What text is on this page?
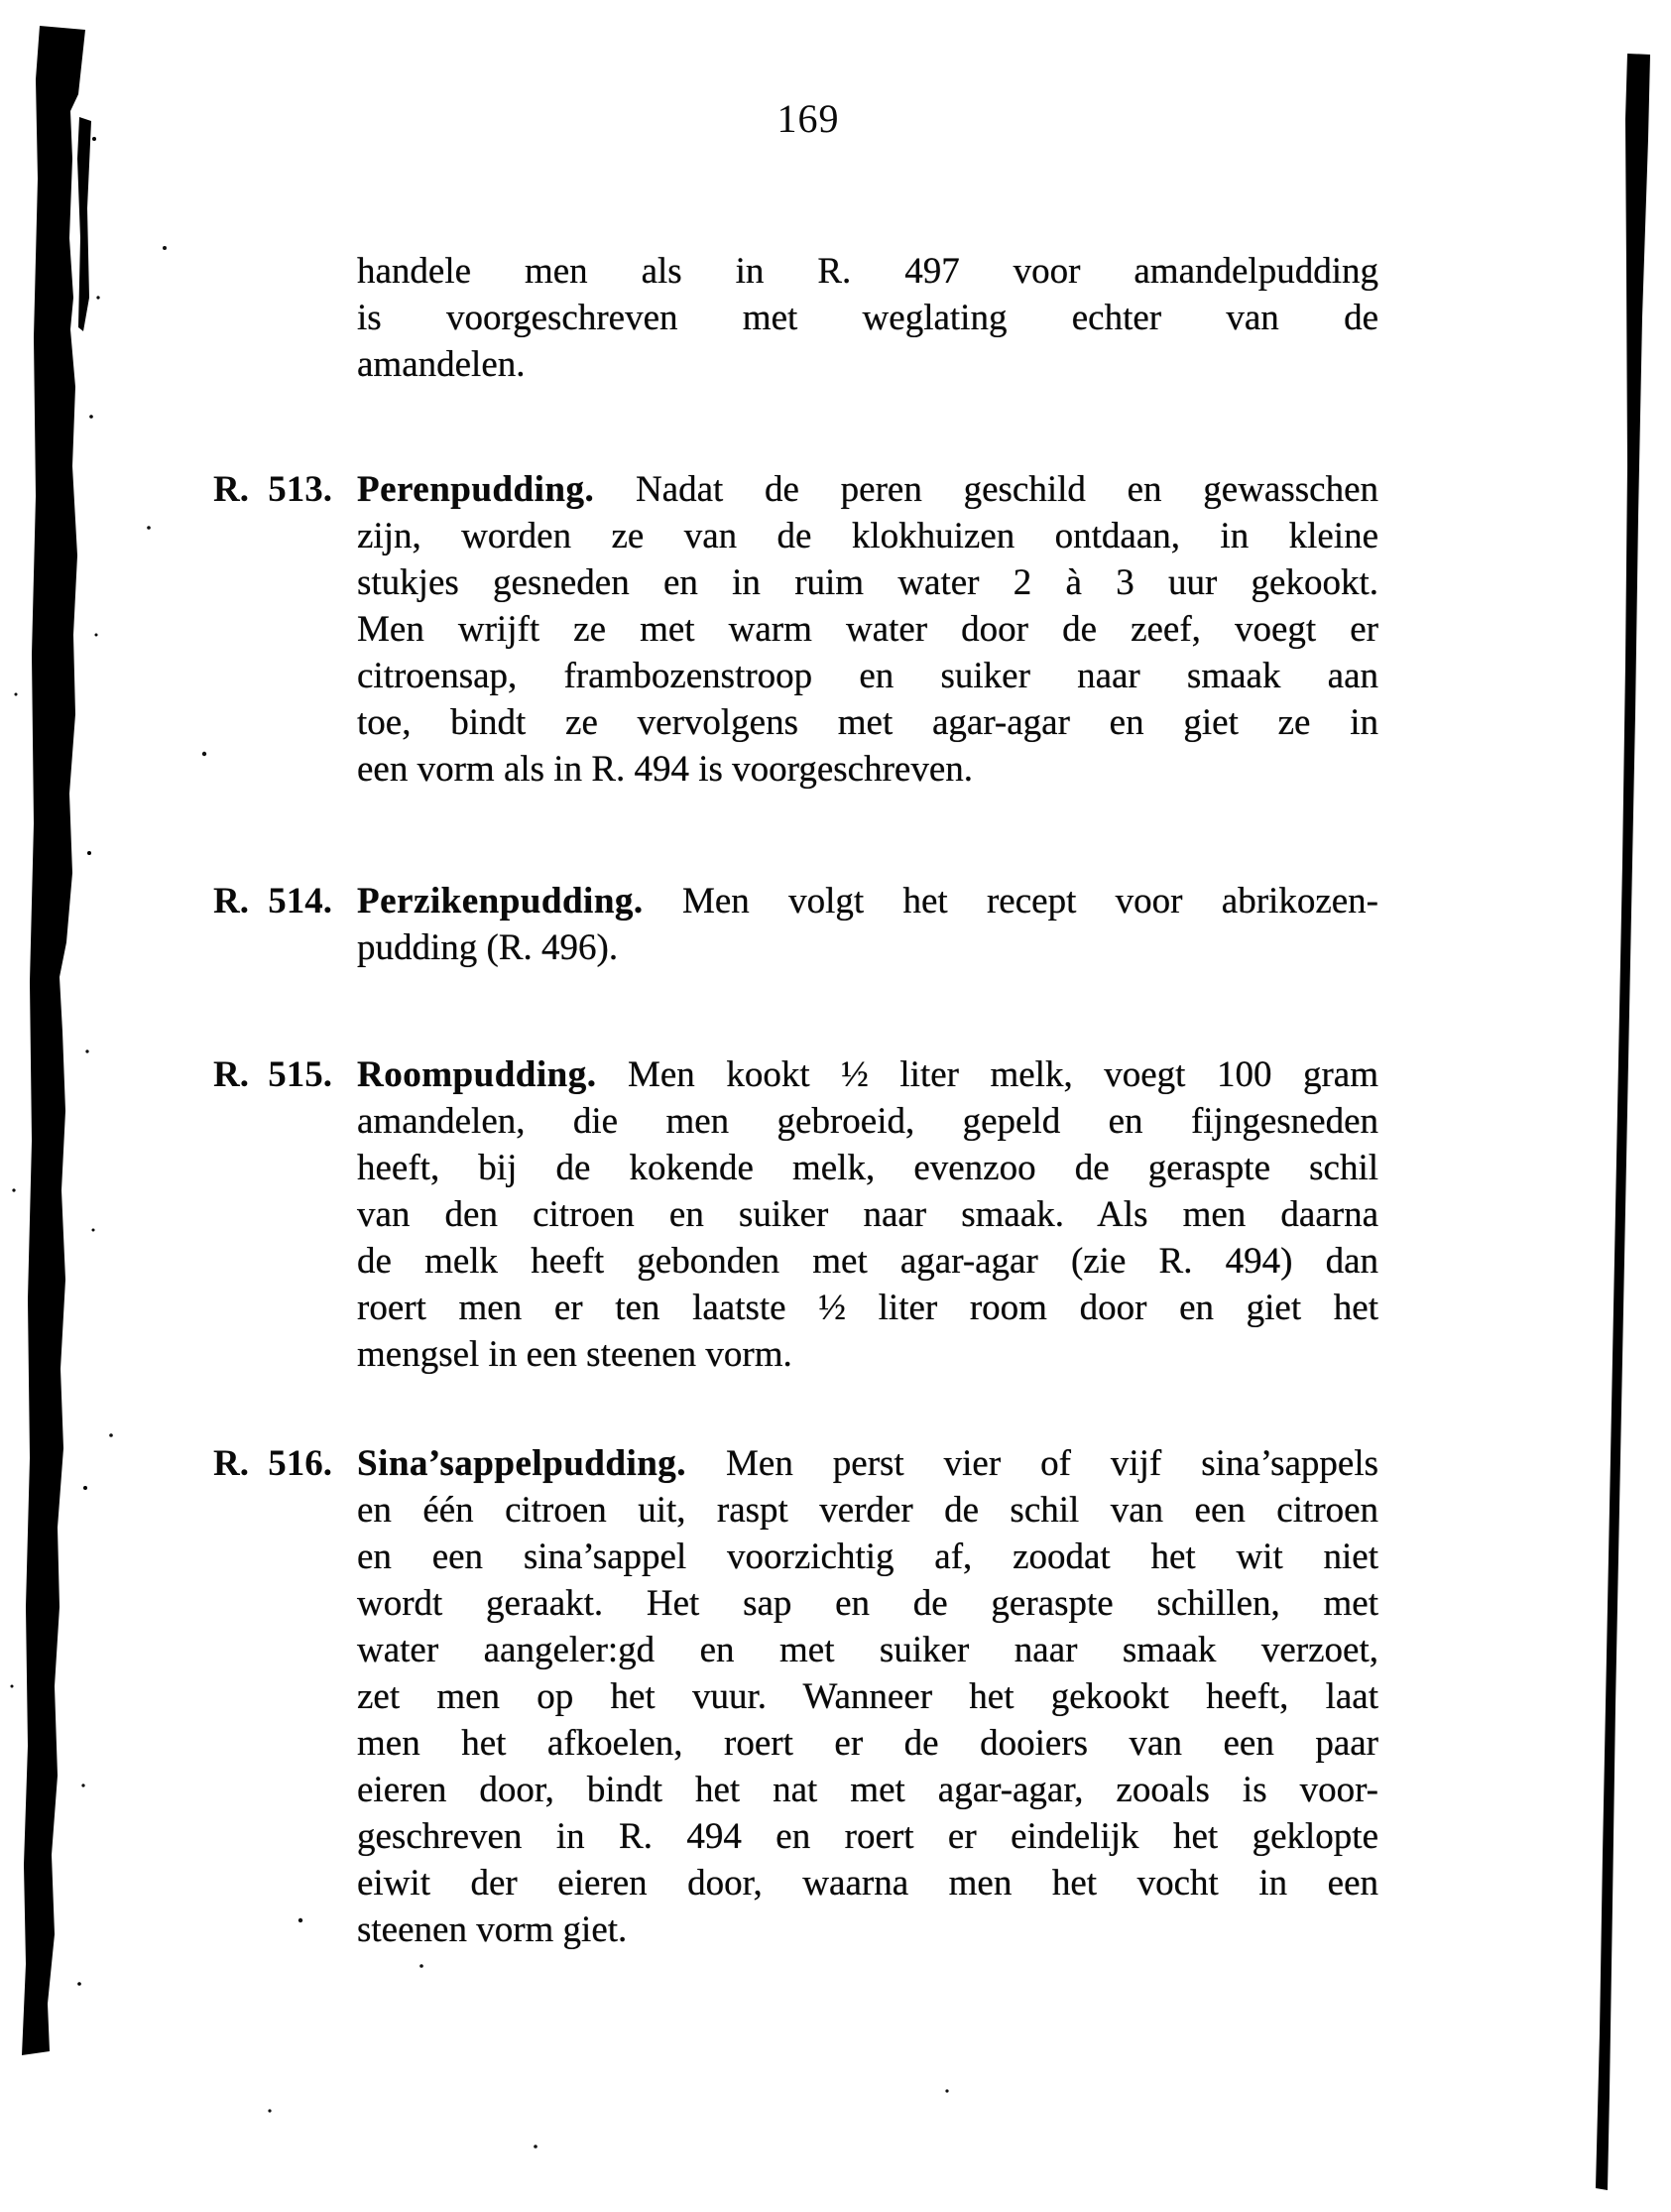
169
handele men als in R. 497 voor amandelpudding
is voorgeschreven met weglating echter van de
amandelen.
R. 513. Perenpudding. Nadat de peren geschild en gewasschen
zijn, worden ze van de klokhuizen ontdaan, in kleine
stukjes gesneden en in ruim water 2 à 3 uur gekookt.
Men wrijft ze met warm water door de zeef, voegt er
citroensap, frambozenstroop en suiker naar smaak aan
toe, bindt ze vervolgens met agar-agar en giet ze in
een vorm als in R. 494 is voorgeschreven.
R. 514. Perzikenpudding. Men volgt het recept voor abrikozen-
pudding (R. 496).
R. 515. Roompudding. Men kookt ½ liter melk, voegt 100 gram
amandelen, die men gebroeid, gepeld en fijngesneden
heeft, bij de kokende melk, evenzoo de geraspte schil
van den citroen en suiker naar smaak. Als men daarna
de melk heeft gebonden met agar-agar (zie R. 494) dan
roert men er ten laatste ½ liter room door en giet het
mengsel in een steenen vorm.
R. 516. Sina’sappelpudding. Men perst vier of vijf sina’sappels
en één citroen uit, raspt verder de schil van een citroen
en een sina’sappel voorzichtig af, zoodat het wit niet
wordt geraakt. Het sap en de geraspte schillen, met
water aangeler:gd en met suiker naar smaak verzoet,
zet men op het vuur. Wanneer het gekookt heeft, laat
men het afkoelen, roert er de dooiers van een paar
eieren door, bindt het nat met agar-agar, zooals is voor-
geschreven in R. 494 en roert er eindelijk het geklopte
eiwit der eieren door, waarna men het vocht in een
steenen vorm giet.
